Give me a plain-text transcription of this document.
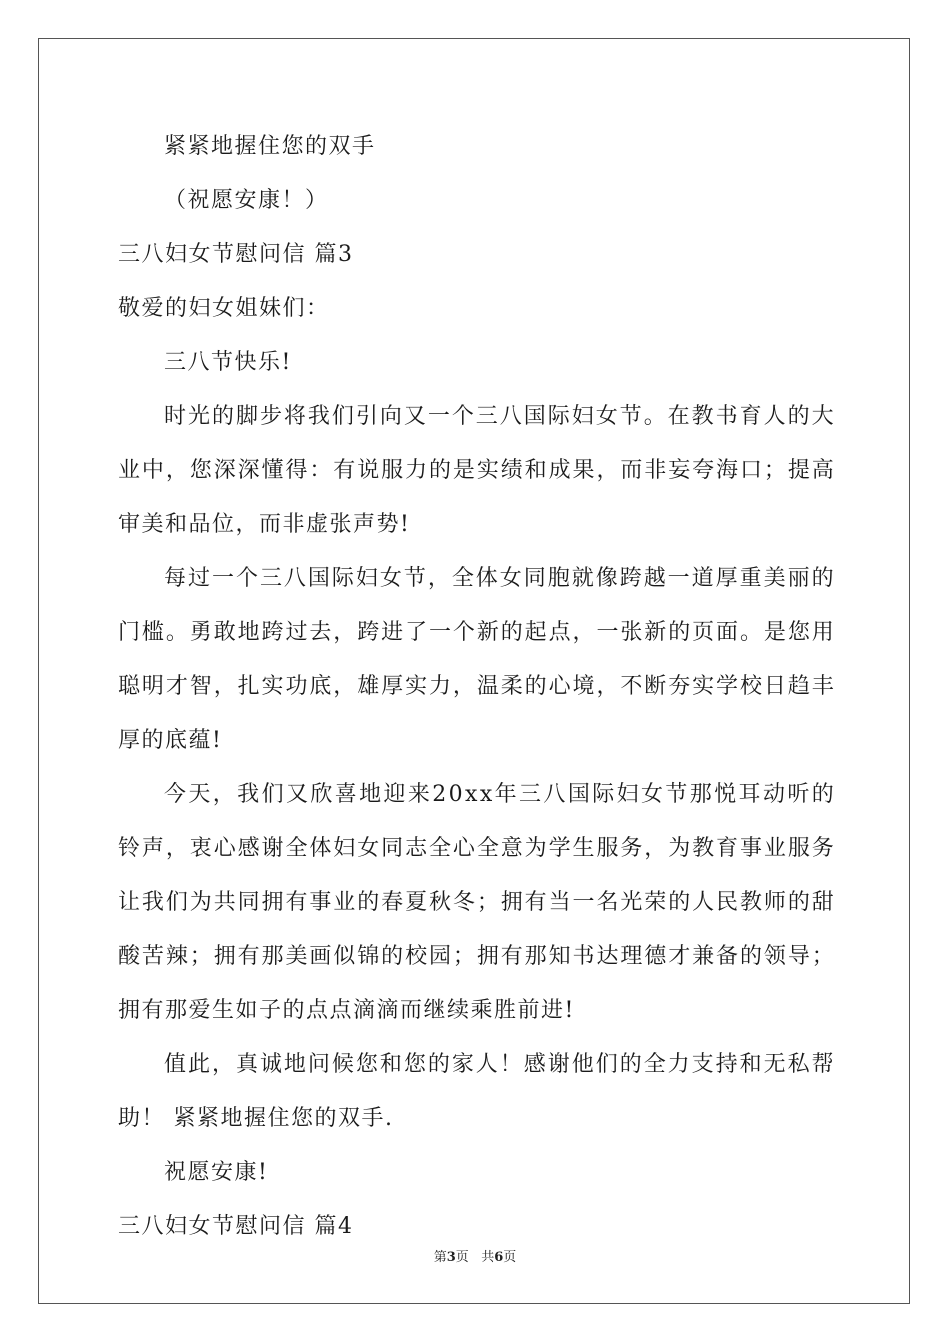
紧紧地握住您的双手
（祝愿安康！）
三八妇女节慰问信 篇3
敬爱的妇女姐妹们：
三八节快乐!
时 光 的 脚 步 将 我 们 引 向 又 一 个 三 八 国 际 妇 女 节 。 在 教 书 育 人 的 大
业 中 ， 您 深 深 懂 得 ： 有 说 服 力 的 是 实 绩 和 成 果 ， 而 非 妄 夸 海 口 ； 提 高
审美和品位，而非虚张声势!
每 过 一 个 三 八 国 际 妇 女 节 ， 全 体 女 同 胞 就 像 跨 越 一 道 厚 重 美 丽 的
门 槛 。 勇 敢 地 跨 过 去 ， 跨 进 了 一 个 新 的 起 点 ， 一 张 新 的 页 面 。 是 您 用
聪 明 才 智 ， 扎 实 功 底 ， 雄 厚 实 力 ， 温 柔 的 心 境 ， 不 断 夯 实 学 校 日 趋 丰
厚的底蕴!
今 天 ， 我 们 又 欣 喜 地 迎 来 2 0 x x 年 三 八 国 际 妇 女 节 那 悦 耳 动 听 的
铃 声 ， 衷 心 感 谢 全 体 妇 女 同 志 全 心 全 意 为 学 生 服 务 ， 为 教 育 事 业 服 务
让 我 们 为 共 同 拥 有 事 业 的 春 夏 秋 冬 ； 拥 有 当 一 名 光 荣 的 人 民 教 师 的 甜
酸 苦 辣 ； 拥 有 那 美 画 似 锦 的 校 园 ； 拥 有 那 知 书 达 理 德 才 兼 备 的 领 导 ；
拥有那爱生如子的点点滴滴而继续乘胜前进!
值 此 ， 真 诚 地 问 候 您 和 您 的 家 人 ！ 感 谢 他 们 的 全 力 支 持 和 无 私 帮
助！ 紧紧地握住您的双手.
祝愿安康!
三八妇女节慰问信 篇4
第3页 共6页
